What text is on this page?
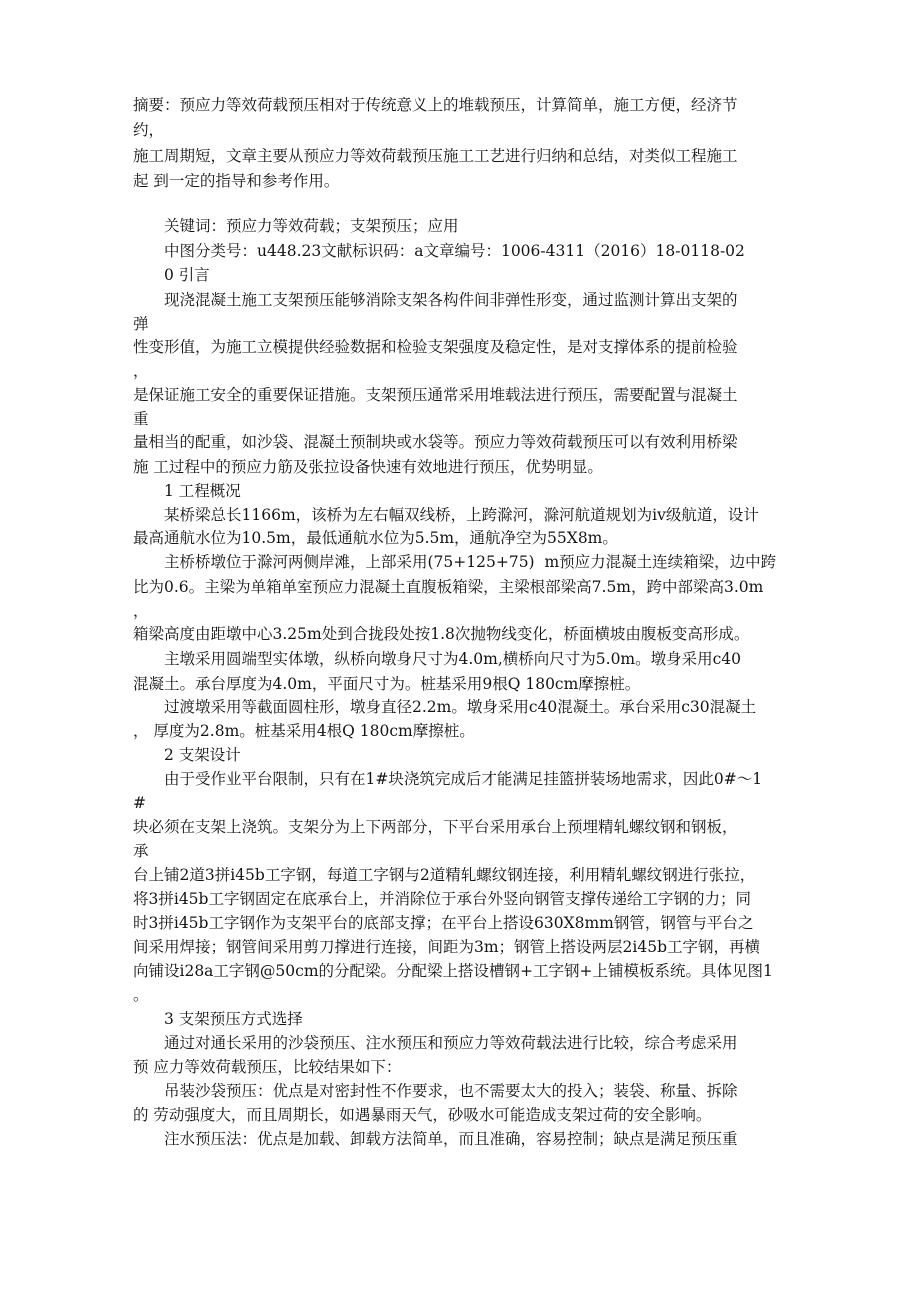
摘要：预应力等效荷载预压相对于传统意义上的堆载预压，计算简单，施工方便，经济节
约，
施工周期短，文章主要从预应力等效荷载预压施工工艺进行归纳和总结，对类似工程施工
起 到一定的指导和参考作用。
关键词：预应力等效荷载；支架预压；应用
中图分类号：u448.23文献标识码：a文章编号：1006-4311（2016）18-0118-02
0 引言
现浇混凝土施工支架预压能够消除支架各构件间非弹性形变，通过监测计算出支架的
弹
性变形值，为施工立模提供经验数据和检验支架强度及稳定性，是对支撑体系的提前检验
，
是保证施工安全的重要保证措施。支架预压通常采用堆载法进行预压，需要配置与混凝土
重
量相当的配重，如沙袋、混凝土预制块或水袋等。预应力等效荷载预压可以有效利用桥梁
施 工过程中的预应力筋及张拉设备快速有效地进行预压，优势明显。
1 工程概况
某桥梁总长1166m，该桥为左右幅双线桥，上跨滁河，滁河航道规划为iv级航道，设计
最高通航水位为10.5m，最低通航水位为5.5m，通航净空为55X8m。
主桥桥墩位于滁河两侧岸滩，上部采用(75+125+75)  m预应力混凝土连续箱梁，边中跨
比为0.6。主梁为单箱单室预应力混凝土直腹板箱梁，主梁根部梁高7.5m，跨中部梁高3.0m
，
箱梁高度由距墩中心3.25m处到合拢段处按1.8次抛物线变化，桥面横坡由腹板变高形成。
主墩采用圆端型实体墩，纵桥向墩身尺寸为4.0m,横桥向尺寸为5.0m。墩身采用c40
混凝土。承台厚度为4.0m，平面尺寸为。桩基采用9根Q 180cm摩擦桩。
过渡墩采用等截面圆柱形，墩身直径2.2m。墩身采用c40混凝土。承台采用c30混凝土
， 厚度为2.8m。桩基采用4根Q 180cm摩擦桩。
2 支架设计
由于受作业平台限制，只有在1#块浇筑完成后才能满足挂篮拼装场地需求，因此0#～1
#
块必须在支架上浇筑。支架分为上下两部分，下平台采用承台上预埋精轧螺纹钢和钢板，
承
台上铺2道3拼i45b工字钢，每道工字钢与2道精轧螺纹钢连接，利用精轧螺纹钢进行张拉，
将3拼i45b工字钢固定在底承台上，并消除位于承台外竖向钢管支撑传递给工字钢的力；同
时3拼i45b工字钢作为支架平台的底部支撑；在平台上搭设630X8mm钢管，钢管与平台之
间采用焊接；钢管间采用剪刀撑进行连接，间距为3m；钢管上搭设两层2i45b工字钢，再横
向铺设i28a工字钢@50cm的分配梁。分配梁上搭设槽钢+工字钢+上铺模板系统。具体见图1
。
3 支架预压方式选择
通过对通长采用的沙袋预压、注水预压和预应力等效荷载法进行比较，综合考虑采用
预 应力等效荷载预压，比较结果如下：
吊装沙袋预压：优点是对密封性不作要求，也不需要太大的投入；装袋、称量、拆除
的 劳动强度大，而且周期长，如遇暴雨天气，砂吸水可能造成支架过荷的安全影响。
注水预压法：优点是加载、卸载方法简单，而且准确，容易控制；缺点是满足预压重
